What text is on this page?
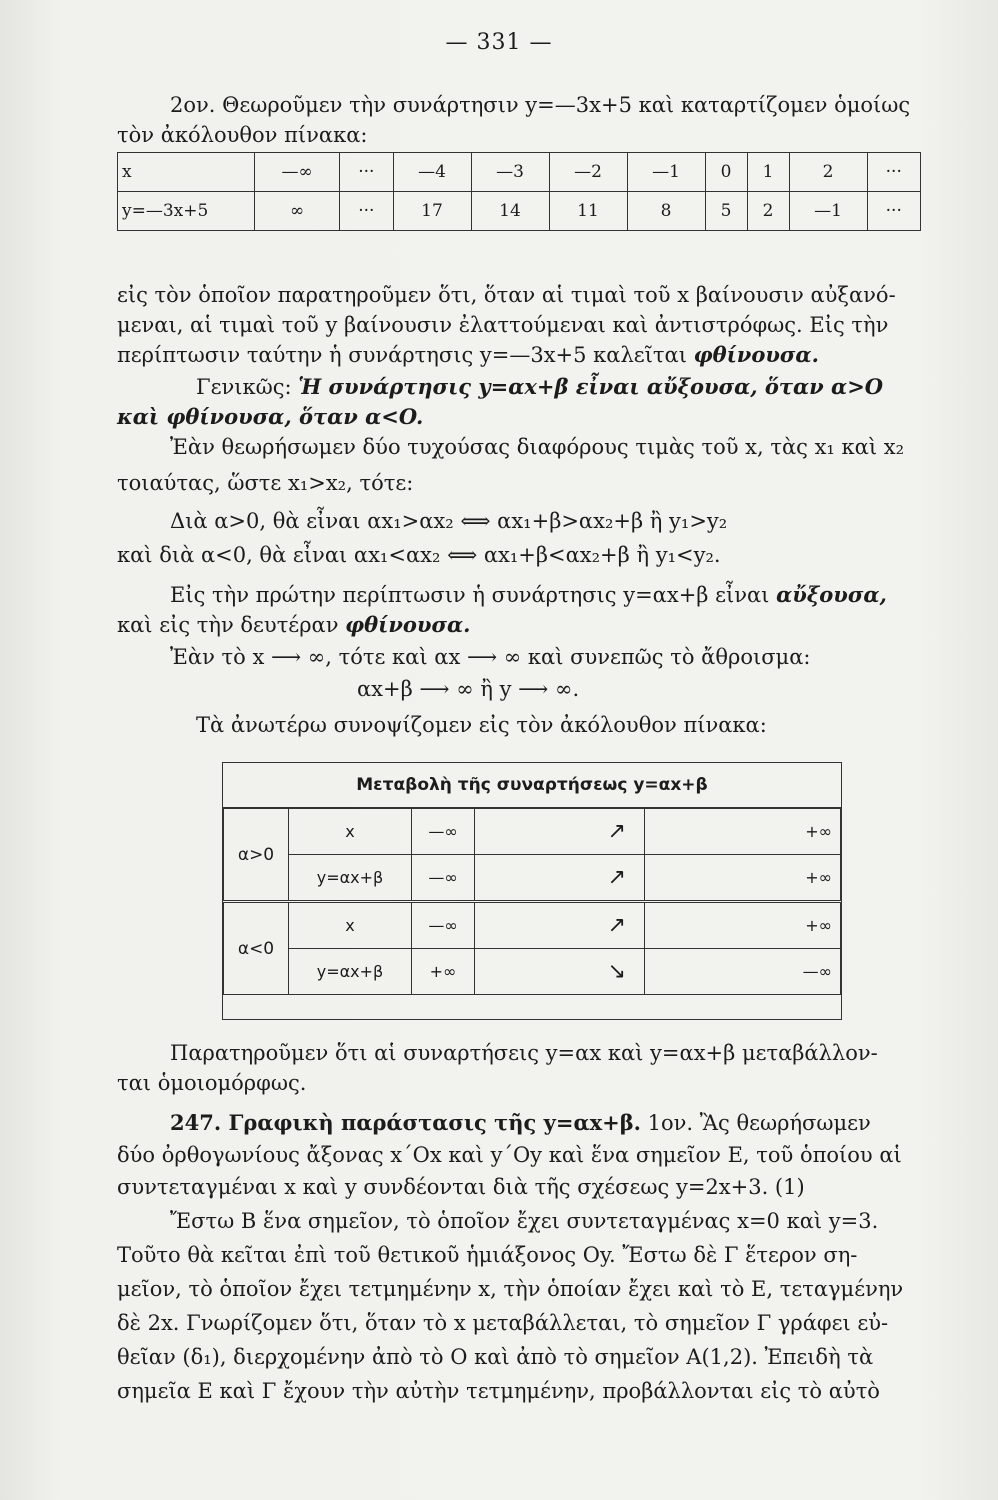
— 331 —
2ον. Θεωροῦμεν τὴν συνάρτησιν y=—3x+5 καὶ καταρτίζομεν ὁμοίως
τὸν ἀκόλουθον πίνακα:
x	—∞	···	—4	—3	—2	—1	0	1	2	···
y=—3x+5	∞	···	17	14	11	8	5	2	—1	···
εἰς τὸν ὁποῖον παρατηροῦμεν ὅτι, ὅταν αἱ τιμαὶ τοῦ x βαίνουσιν αὐξανό-
μεναι, αἱ τιμαὶ τοῦ y βαίνουσιν ἐλαττούμεναι καὶ ἀντιστρόφως. Εἰς τὴν
περίπτωσιν ταύτην ἡ συνάρτησις y=—3x+5 καλεῖται φθίνουσα.
Γενικῶς: Ἡ συνάρτησις y=αx+β εἶναι αὔξουσα, ὅταν α>O
καὶ φθίνουσα, ὅταν α<O.
Ἐὰν θεωρήσωμεν δύο τυχούσας διαφόρους τιμὰς τοῦ x, τὰς x₁ καὶ x₂
τοιαύτας, ὥστε x₁>x₂, τότε:
Διὰ α>0, θὰ εἶναι αx₁>αx₂ ⟺ αx₁+β>αx₂+β ἢ y₁>y₂
καὶ διὰ α<0, θὰ εἶναι αx₁<αx₂ ⟺ αx₁+β<αx₂+β ἢ y₁<y₂.
Εἰς τὴν πρώτην περίπτωσιν ἡ συνάρτησις y=αx+β εἶναι αὔξουσα,
καὶ εἰς τὴν δευτέραν φθίνουσα.
Ἐὰν τὸ x ⟶ ∞, τότε καὶ αx ⟶ ∞ καὶ συνεπῶς τὸ ἄθροισμα:
αx+β ⟶ ∞ ἢ y ⟶ ∞.
Τὰ ἀνωτέρω συνοψίζομεν εἰς τὸν ἀκόλουθον πίνακα:
Μεταβολὴ τῆς συναρτήσεως y=αx+β
α>0	x	—∞	↗	+∞
	y=αx+β	—∞	↗	+∞
α<0	x	—∞	↗	+∞
	y=αx+β	+∞	↘	—∞
Παρατηροῦμεν ὅτι αἱ συναρτήσεις y=αx καὶ y=αx+β μεταβάλλον-
ται ὁμοιομόρφως.
247. Γραφικὴ παράστασις τῆς y=αx+β. 1ον. Ἂς θεωρήσωμεν
δύο ὀρθογωνίους ἄξονας x΄Ox καὶ y΄Oy καὶ ἕνα σημεῖον E, τοῦ ὁποίου αἱ
συντεταγμέναι x καὶ y συνδέονται διὰ τῆς σχέσεως y=2x+3. (1)
Ἔστω B ἕνα σημεῖον, τὸ ὁποῖον ἔχει συντεταγμένας x=0 καὶ y=3.
Τοῦτο θὰ κεῖται ἐπὶ τοῦ θετικοῦ ἡμιάξονος Oy. Ἔστω δὲ Γ ἕτερον ση-
μεῖον, τὸ ὁποῖον ἔχει τετμημένην x, τὴν ὁποίαν ἔχει καὶ τὸ E, τεταγμένην
δὲ 2x. Γνωρίζομεν ὅτι, ὅταν τὸ x μεταβάλλεται, τὸ σημεῖον Γ γράφει εὐ-
θεῖαν (δ₁), διερχομένην ἀπὸ τὸ O καὶ ἀπὸ τὸ σημεῖον A(1,2). Ἐπειδὴ τὰ
σημεῖα E καὶ Γ ἔχουν τὴν αὐτὴν τετμημένην, προβάλλονται εἰς τὸ αὐτὸ
